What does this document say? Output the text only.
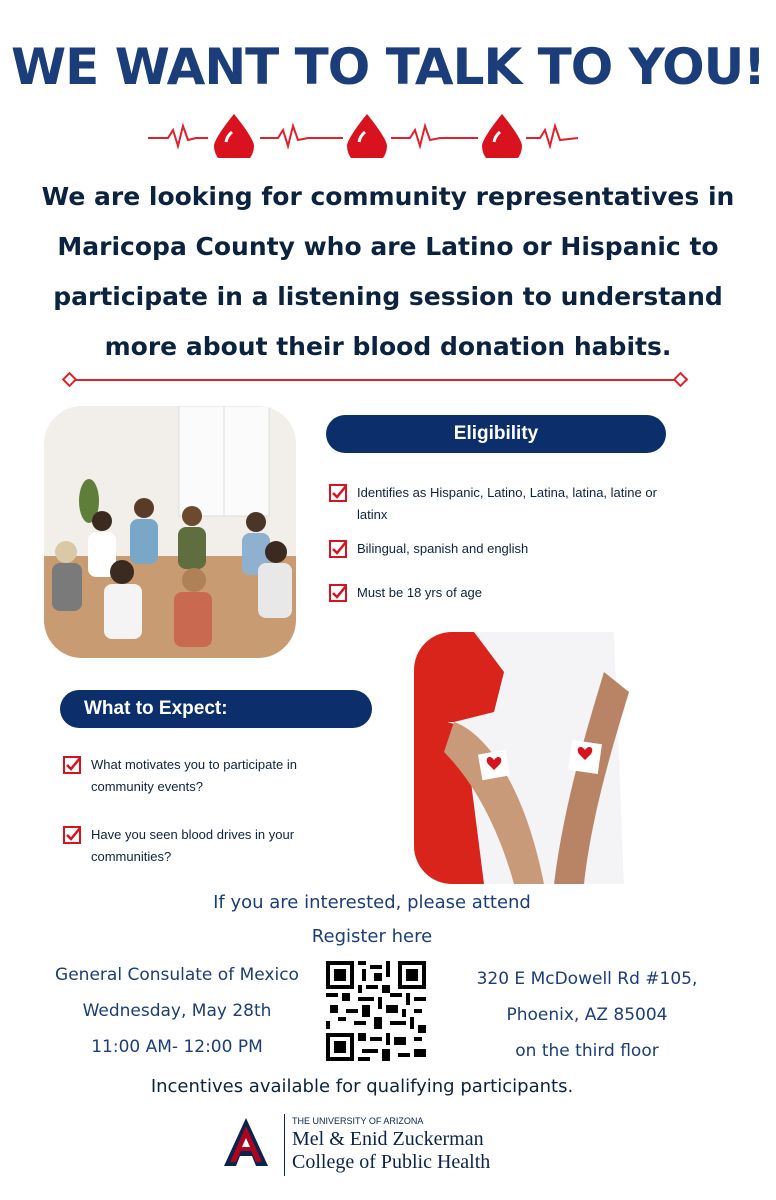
WE WANT TO TALK TO YOU!
We are looking for community representatives in Maricopa County who are Latino or Hispanic to participate in a listening session to understand more about their blood donation habits.
Eligibility
Identifies as Hispanic, Latino, Latina, latina, latine or latinx
Bilingual, spanish and english
Must be 18 yrs of age
What to Expect:
What motivates you to participate in community events?
Have you seen blood drives in your communities?
If you are interested, please attend
Register here
General Consulate of Mexico
Wednesday, May 28th
11:00 AM- 12:00 PM
320 E McDowell Rd #105,
Phoenix, AZ 85004
on the third floor
Incentives available for qualifying participants.
THE UNIVERSITY OF ARIZONA
Mel & Enid Zuckerman
College of Public Health
